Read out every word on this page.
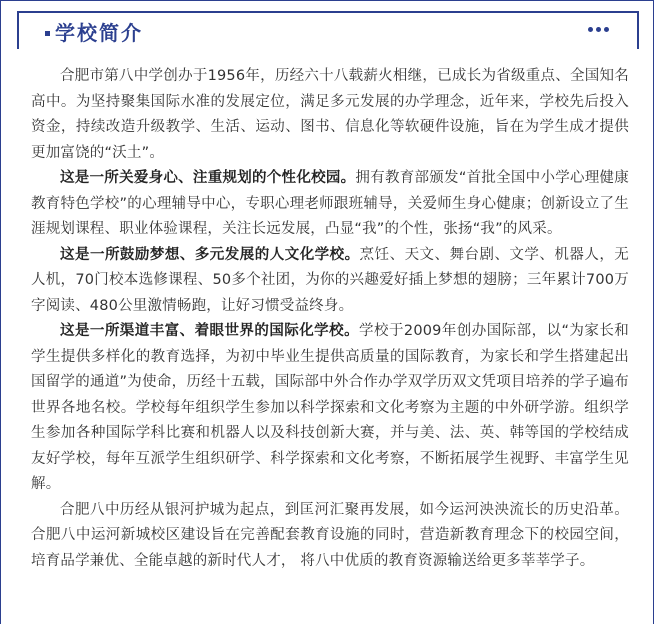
学校简介

合肥市第八中学创办于1956年，历经六十八载薪火相继，已成长为省级重点、全国知名高中。为坚持聚集国际水准的发展定位，满足多元发展的办学理念，近年来，学校先后投入资金，持续改造升级教学、生活、运动、图书、信息化等软硬件设施，旨在为学生成才提供更加富饶的“沃土”。

这是一所关爱身心、注重规划的个性化校园。拥有教育部颁发“首批全国中小学心理健康教育特色学校”的心理辅导中心，专职心理老师跟班辅导，关爱师生身心健康；创新设立了生涯规划课程、职业体验课程，关注长远发展，凸显“我”的个性，张扬“我”的风采。

这是一所鼓励梦想、多元发展的人文化学校。烹饪、天文、舞台剧、文学、机器人，无人机，70门校本选修课程、50多个社团，为你的兴趣爱好插上梦想的翅膀；三年累计700万字阅读、480公里激情畅跑，让好习惯受益终身。

这是一所渠道丰富、着眼世界的国际化学校。学校于2009年创办国际部，以“为家长和学生提供多样化的教育选择，为初中毕业生提供高质量的国际教育，为家长和学生搭建起出国留学的通道”为使命，历经十五载，国际部中外合作办学双学历双文凭项目培养的学子遍布世界各地名校。学校每年组织学生参加以科学探索和文化考察为主题的中外研学游。组织学生参加各种国际学科比赛和机器人以及科技创新大赛，并与美、法、英、韩等国的学校结成友好学校，每年互派学生组织研学、科学探索和文化考察，不断拓展学生视野、丰富学生见解。

合肥八中历经从银河护城为起点，到匡河汇聚再发展，如今运河泱泱流长的历史沿革。合肥八中运河新城校区建设旨在完善配套教育设施的同时，营造新教育理念下的校园空间，培育品学兼优、全能卓越的新时代人才， 将八中优质的教育资源输送给更多莘莘学子。
